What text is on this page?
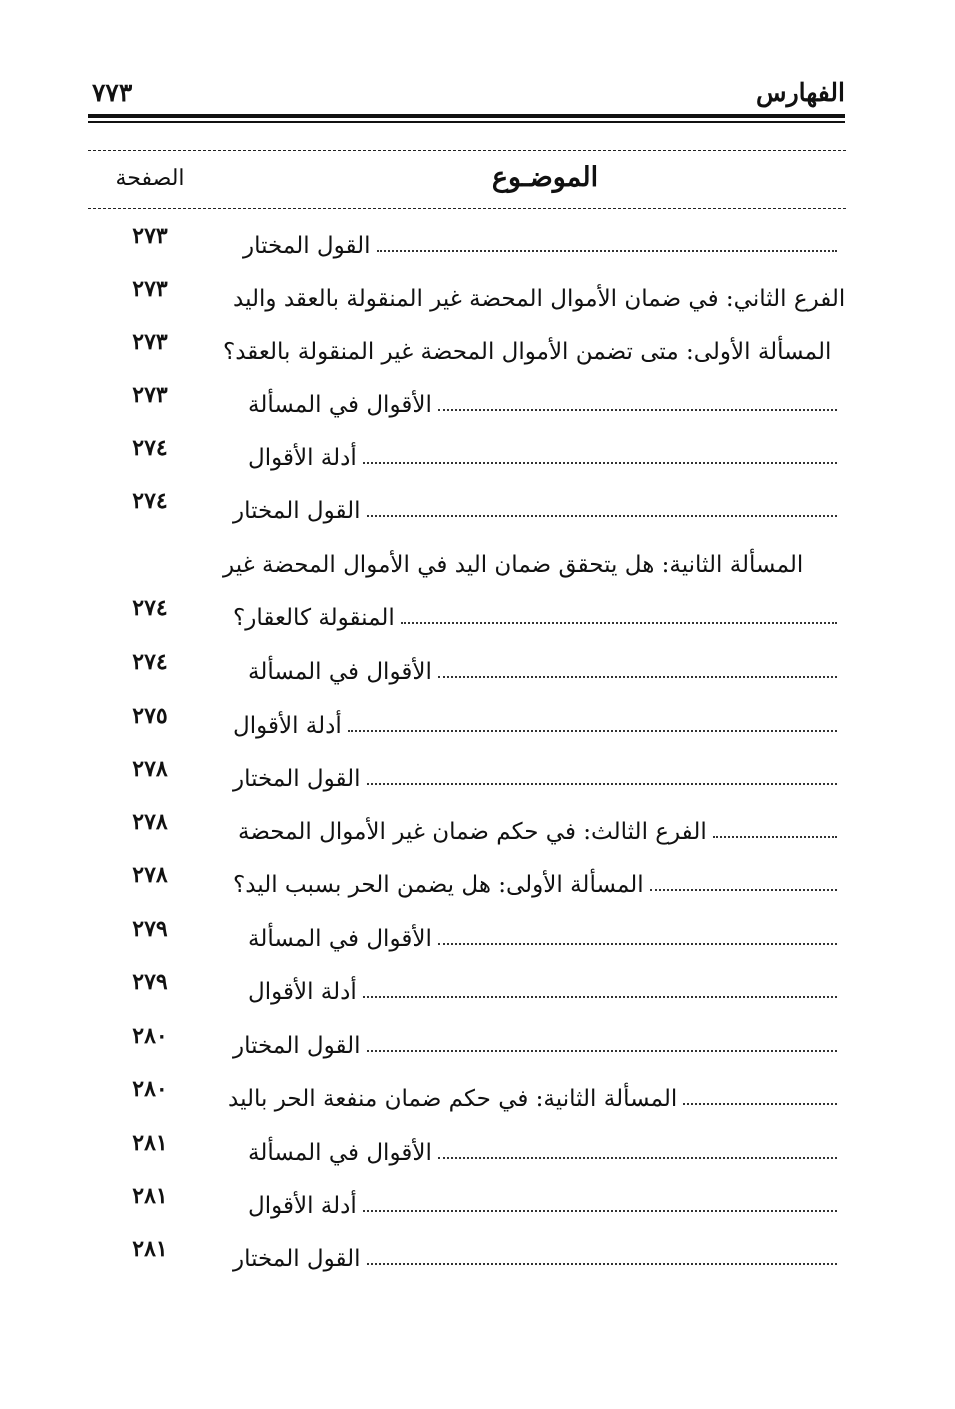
الفهارس
٧٧٣
الموضـوع
الصفحة
القول المختار
٢٧٣
الفرع الثاني: في ضمان الأموال المحضة غير المنقولة بالعقد واليد
٢٧٣
المسألة الأولى: متى تضمن الأموال المحضة غير المنقولة بالعقد؟
٢٧٣
الأقوال في المسألة
٢٧٣
أدلة الأقوال
٢٧٤
القول المختار
٢٧٤
المسألة الثانية: هل يتحقق ضمان اليد في الأموال المحضة غير
المنقولة كالعقار؟
٢٧٤
الأقوال في المسألة
٢٧٤
أدلة الأقوال
٢٧٥
القول المختار
٢٧٨
الفرع الثالث: في حكم ضمان غير الأموال المحضة
٢٧٨
المسألة الأولى: هل يضمن الحر بسبب اليد؟
٢٧٨
الأقوال في المسألة
٢٧٩
أدلة الأقوال
٢٧٩
القول المختار
٢٨٠
المسألة الثانية: في حكم ضمان منفعة الحر باليد
٢٨٠
الأقوال في المسألة
٢٨١
أدلة الأقوال
٢٨١
القول المختار
٢٨١
